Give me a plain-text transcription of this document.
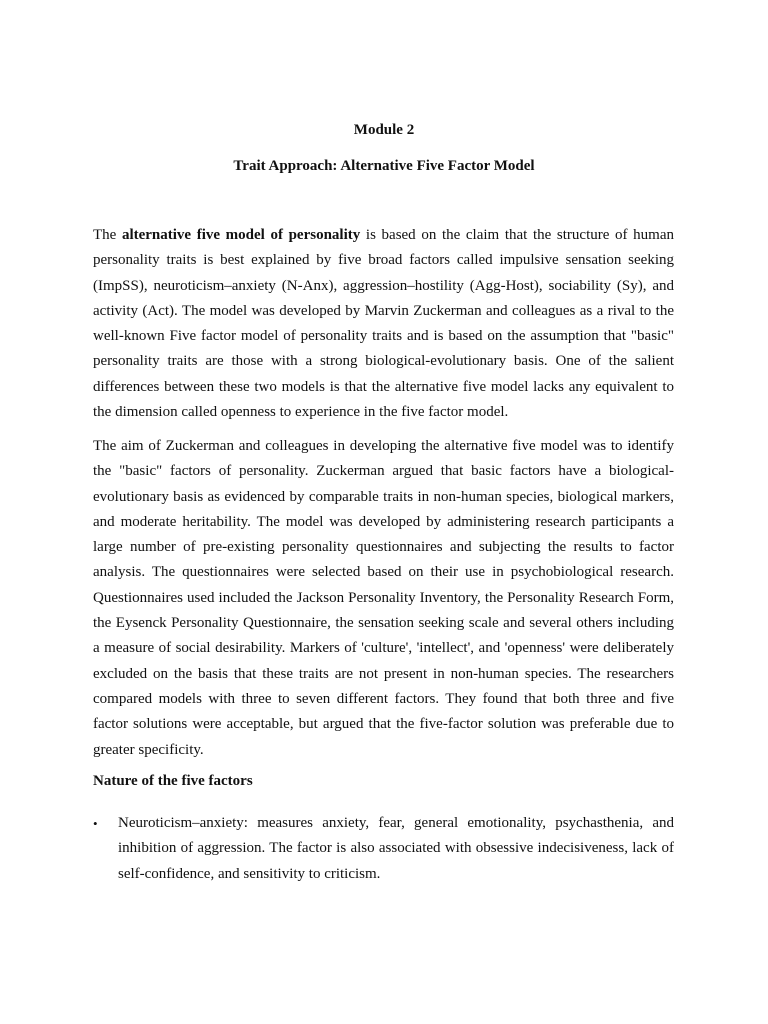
Module 2
Trait Approach: Alternative Five Factor Model

The alternative five model of personality is based on the claim that the structure of human personality traits is best explained by five broad factors called impulsive sensation seeking (ImpSS), neuroticism–anxiety (N-Anx), aggression–hostility (Agg-Host), sociability (Sy), and activity (Act). The model was developed by Marvin Zuckerman and colleagues as a rival to the well-known Five factor model of personality traits and is based on the assumption that "basic" personality traits are those with a strong biological-evolutionary basis. One of the salient differences between these two models is that the alternative five model lacks any equivalent to the dimension called openness to experience in the five factor model.

The aim of Zuckerman and colleagues in developing the alternative five model was to identify the "basic" factors of personality. Zuckerman argued that basic factors have a biological-evolutionary basis as evidenced by comparable traits in non-human species, biological markers, and moderate heritability. The model was developed by administering research participants a large number of pre-existing personality questionnaires and subjecting the results to factor analysis. The questionnaires were selected based on their use in psychobiological research. Questionnaires used included the Jackson Personality Inventory, the Personality Research Form, the Eysenck Personality Questionnaire, the sensation seeking scale and several others including a measure of social desirability. Markers of 'culture', 'intellect', and 'openness' were deliberately excluded on the basis that these traits are not present in non-human species. The researchers compared models with three to seven different factors. They found that both three and five factor solutions were acceptable, but argued that the five-factor solution was preferable due to greater specificity.

Nature of the five factors
• Neuroticism–anxiety: measures anxiety, fear, general emotionality, psychasthenia, and inhibition of aggression. The factor is also associated with obsessive indecisiveness, lack of self-confidence, and sensitivity to criticism.
